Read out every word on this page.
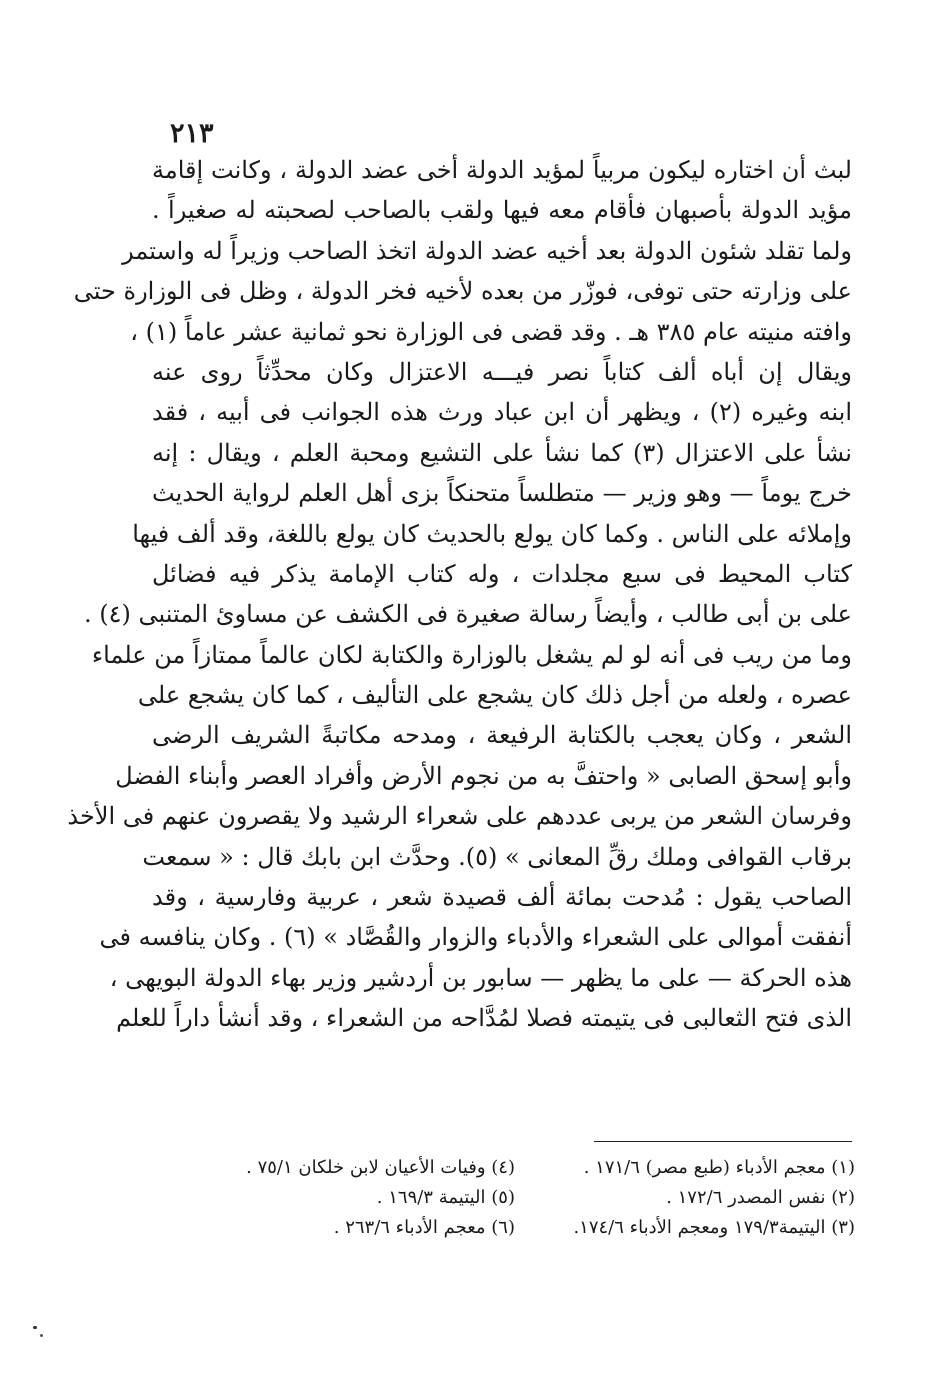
٢١٣
لبث أن اختاره ليكون مربياً لمؤيد الدولة أخى عضد الدولة ، وكانت إقامة
مؤيد الدولة بأصبهان فأقام معه فيها ولقب بالصاحب لصحبته له صغيراً .
ولما تقلد شئون الدولة بعد أخيه عضد الدولة اتخذ الصاحب وزيراً له واستمر
على وزارته حتى توفى، فوزّر من بعده لأخيه فخر الدولة ، وظل فى الوزارة حتى
وافته منيته عام ٣٨٥ هـ . وقد قضى فى الوزارة نحو ثمانية عشر عاماً (١) ،
ويقال إن أباه ألف كتاباً نصر فيـــه الاعتزال وكان محدِّثاً روى عنه
ابنه وغيره (٢) ، ويظهر أن ابن عباد ورث هذه الجوانب فى أبيه ، فقد
نشأ على الاعتزال (٣) كما نشأ على التشيع ومحبة العلم ، ويقال : إنه
خرج يوماً — وهو وزير — متطلساً متحنكاً بزى أهل العلم لرواية الحديث
وإملائه على الناس . وكما كان يولع بالحديث كان يولع باللغة، وقد ألف فيها
كتاب المحيط فى سبع مجلدات ، وله كتاب الإمامة يذكر فيه فضائل
على بن أبى طالب ، وأيضاً رسالة صغيرة فى الكشف عن مساوئ المتنبى (٤) .
وما من ريب فى أنه لو لم يشغل بالوزارة والكتابة لكان عالماً ممتازاً من علماء
عصره ، ولعله من أجل ذلك كان يشجع على التأليف ، كما كان يشجع على
الشعر ، وكان يعجب بالكتابة الرفيعة ، ومدحه مكاتبةً الشريف الرضى
وأبو إسحق الصابى « واحتفَّ به من نجوم الأرض وأفراد العصر وأبناء الفضل
وفرسان الشعر من يربى عددهم على شعراء الرشيد ولا يقصرون عنهم فى الأخذ
برقاب القوافى وملك رقِّ المعانى » (٥). وحدَّث ابن بابك قال : « سمعت
الصاحب يقول : مُدحت بمائة ألف قصيدة شعر ، عربية وفارسية ، وقد
أنفقت أموالى على الشعراء والأدباء والزوار والقُصَّاد » (٦) . وكان ينافسه فى
هذه الحركة — على ما يظهر — سابور بن أردشير وزير بهاء الدولة البويهى ،
الذى فتح الثعالبى فى يتيمته فصلا لمُدَّاحه من الشعراء ، وقد أنشأ داراً للعلم
(١) معجم الأدباء (طبع مصر) ١٧١/٦ .
(٤) وفيات الأعيان لابن خلكان ٧٥/١ .
(٢) نفس المصدر ١٧٢/٦ .
(٥) اليتيمة ١٦٩/٣ .
(٣) اليتيمة١٧٩/٣ ومعجم الأدباء ١٧٤/٦.
(٦) معجم الأدباء ٢٦٣/٦ .
